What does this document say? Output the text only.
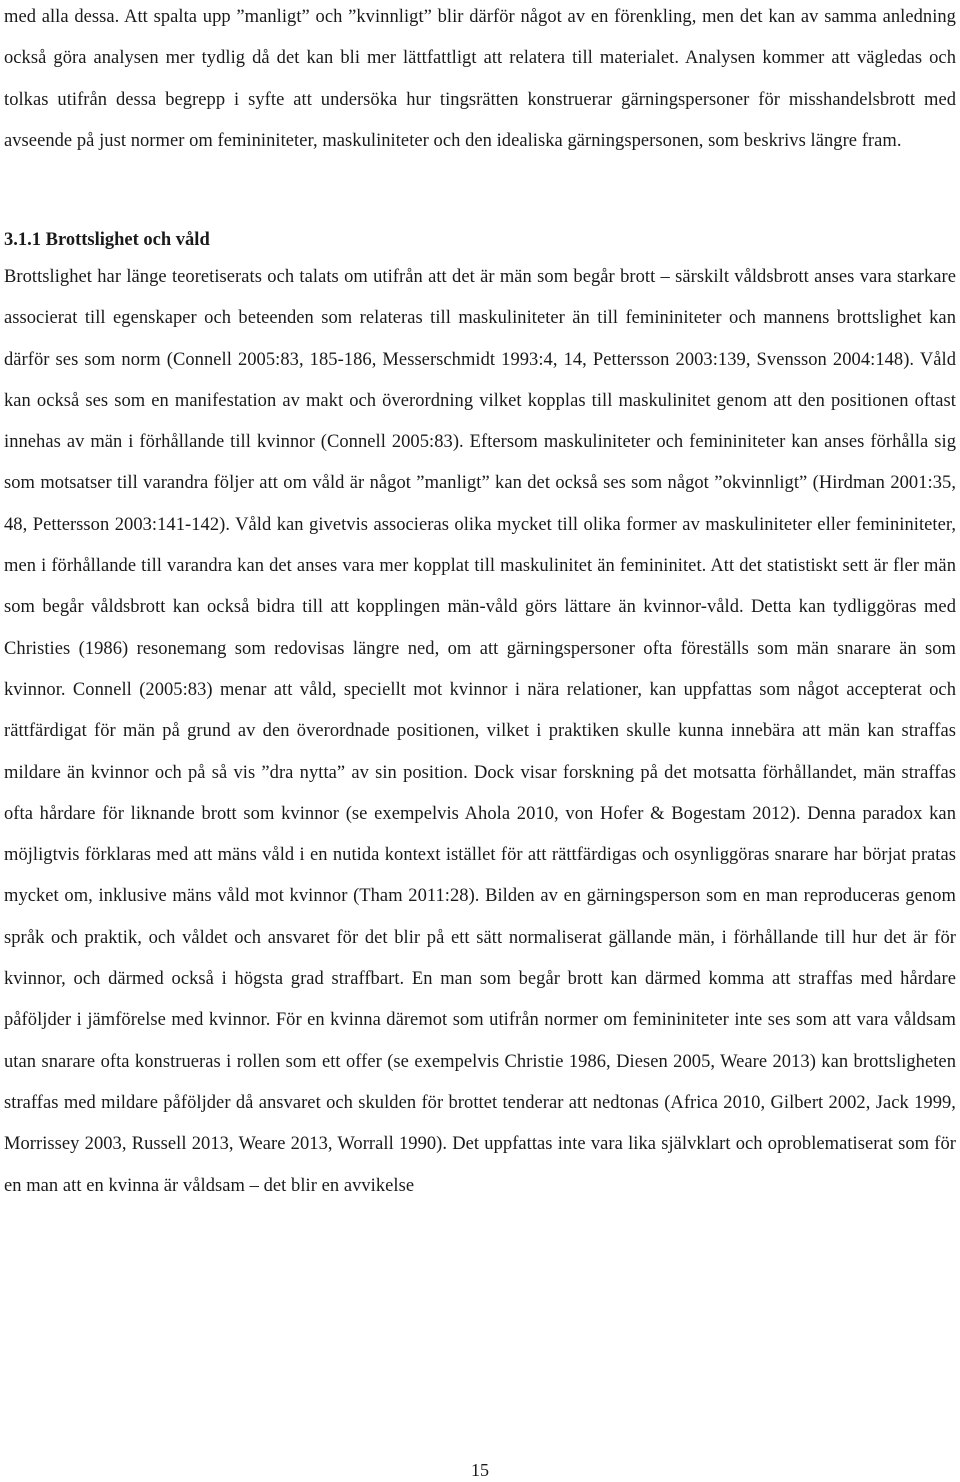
med alla dessa. Att spalta upp ”manligt” och ”kvinnligt” blir därför något av en förenkling, men det kan av samma anledning också göra analysen mer tydlig då det kan bli mer lättfattligt att relatera till materialet. Analysen kommer att vägledas och tolkas utifrån dessa begrepp i syfte att undersöka hur tingsrätten konstruerar gärningspersoner för misshandelsbrott med avseende på just normer om femininiteter, maskuliniteter och den idealiska gärningspersonen, som beskrivs längre fram.

3.1.1 Brottslighet och våld

Brottslighet har länge teoretiserats och talats om utifrån att det är män som begår brott – särskilt våldsbrott anses vara starkare associerat till egenskaper och beteenden som relateras till maskuliniteter än till femininiteter och mannens brottslighet kan därför ses som norm (Connell 2005:83, 185-186, Messerschmidt 1993:4, 14, Pettersson 2003:139, Svensson 2004:148). Våld kan också ses som en manifestation av makt och överordning vilket kopplas till maskulinitet genom att den positionen oftast innehas av män i förhållande till kvinnor (Connell 2005:83). Eftersom maskuliniteter och femininiteter kan anses förhålla sig som motsatser till varandra följer att om våld är något ”manligt” kan det också ses som något ”okvinnligt” (Hirdman 2001:35, 48, Pettersson 2003:141-142). Våld kan givetvis associeras olika mycket till olika former av maskuliniteter eller femininiteter, men i förhållande till varandra kan det anses vara mer kopplat till maskulinitet än femininitet. Att det statistiskt sett är fler män som begår våldsbrott kan också bidra till att kopplingen män-våld görs lättare än kvinnor-våld. Detta kan tydliggöras med Christies (1986) resonemang som redovisas längre ned, om att gärningspersoner ofta föreställs som män snarare än som kvinnor. Connell (2005:83) menar att våld, speciellt mot kvinnor i nära relationer, kan uppfattas som något accepterat och rättfärdigat för män på grund av den överordnade positionen, vilket i praktiken skulle kunna innebära att män kan straffas mildare än kvinnor och på så vis ”dra nytta” av sin position. Dock visar forskning på det motsatta förhållandet, män straffas ofta hårdare för liknande brott som kvinnor (se exempelvis Ahola 2010, von Hofer & Bogestam 2012). Denna paradox kan möjligtvis förklaras med att mäns våld i en nutida kontext istället för att rättfärdigas och osynliggöras snarare har börjat pratas mycket om, inklusive mäns våld mot kvinnor (Tham 2011:28). Bilden av en gärningsperson som en man reproduceras genom språk och praktik, och våldet och ansvaret för det blir på ett sätt normaliserat gällande män, i förhållande till hur det är för kvinnor, och därmed också i högsta grad straffbart. En man som begår brott kan därmed komma att straffas med hårdare påföljder i jämförelse med kvinnor. För en kvinna däremot som utifrån normer om femininiteter inte ses som att vara våldsam utan snarare ofta konstrueras i rollen som ett offer (se exempelvis Christie 1986, Diesen 2005, Weare 2013) kan brottsligheten straffas med mildare påföljder då ansvaret och skulden för brottet tenderar att nedtonas (Africa 2010, Gilbert 2002, Jack 1999, Morrissey 2003, Russell 2013, Weare 2013, Worrall 1990). Det uppfattas inte vara lika självklart och oproblematiserat som för en man att en kvinna är våldsam – det blir en avvikelse

15
